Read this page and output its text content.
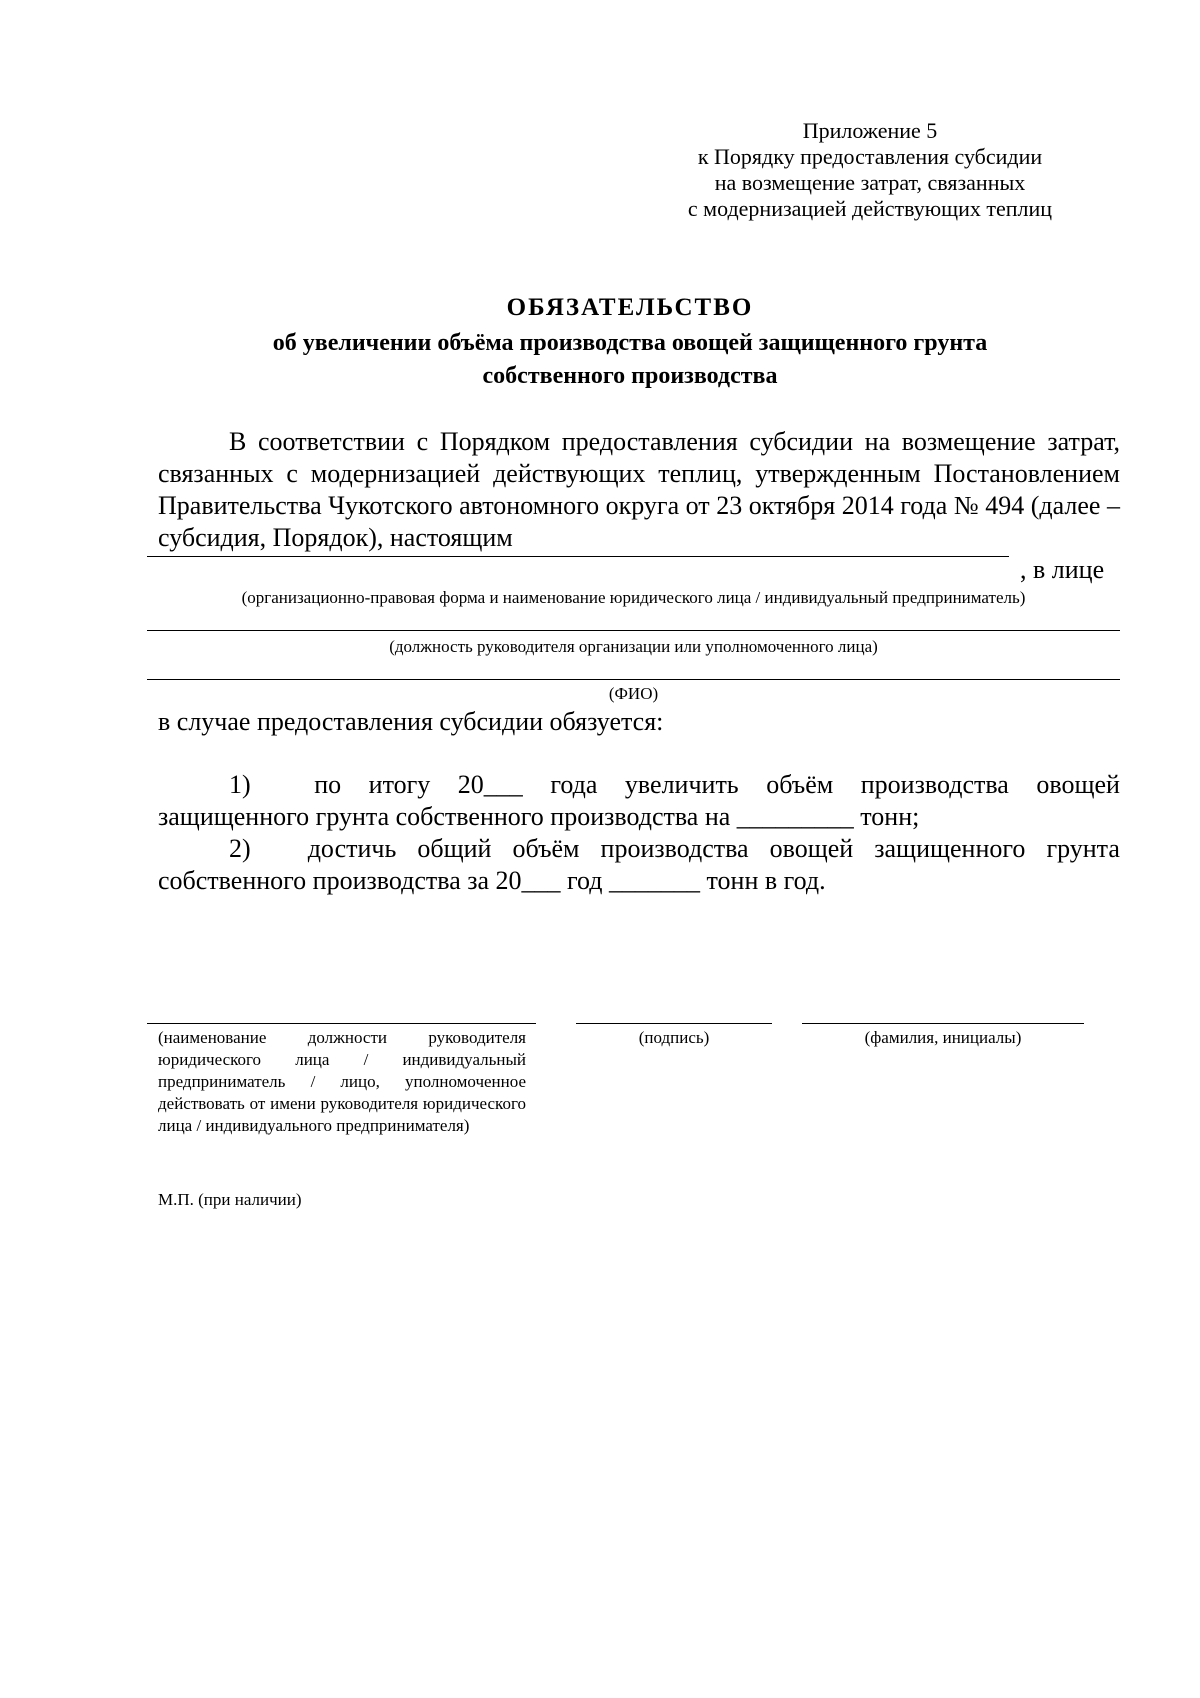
Приложение 5
к Порядку предоставления субсидии
на возмещение затрат, связанных
с модернизацией действующих теплиц
ОБЯЗАТЕЛЬСТВО
об увеличении объёма производства овощей защищенного грунта
собственного производства
В соответствии с Порядком предоставления субсидии на возмещение затрат, связанных с модернизацией действующих теплиц, утвержденным Постановлением Правительства Чукотского автономного округа от 23 октября 2014 года № 494 (далее – субсидия, Порядок), настоящим
, в лице
(организационно-правовая форма и наименование юридического лица / индивидуальный предприниматель)
(должность руководителя организации или уполномоченного лица)
(ФИО)
в случае предоставления субсидии обязуется:
1) по итогу 20___ года увеличить объём производства овощей
защищенного грунта собственного производства на _________ тонн;
2) достичь общий объём производства овощей защищенного грунта
собственного производства за 20___ год _______ тонн в год.
(наименование должности руководителя юридического лица / индивидуальный предприниматель / лицо, уполномоченное действовать от имени руководителя юридического лица / индивидуального предпринимателя)
(подпись)	(фамилия, инициалы)
М.П. (при наличии)
